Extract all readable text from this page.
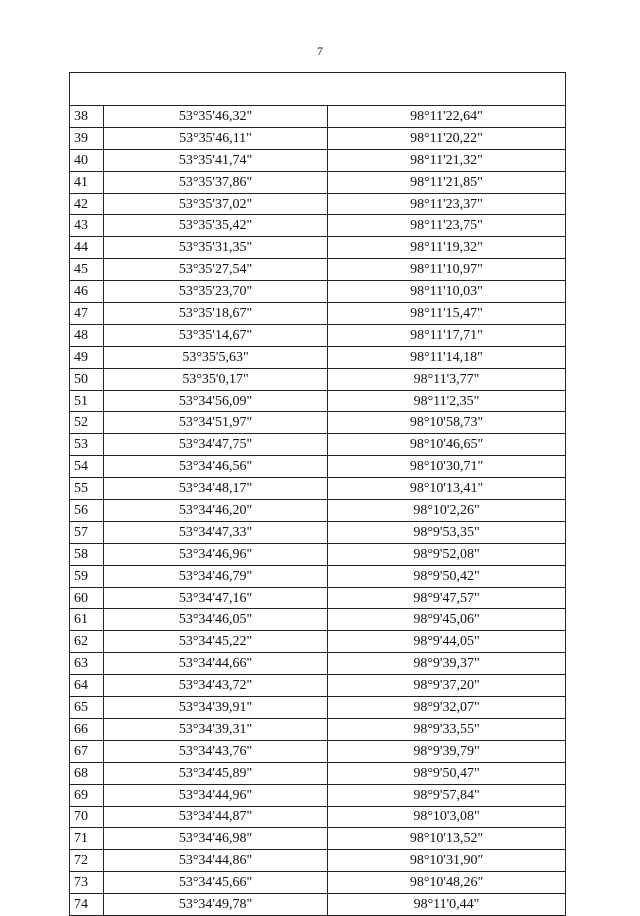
7
38	53°35'46,32"	98°11'22,64"
39	53°35'46,11"	98°11'20,22"
40	53°35'41,74"	98°11'21,32"
41	53°35'37,86"	98°11'21,85"
42	53°35'37,02"	98°11'23,37"
43	53°35'35,42"	98°11'23,75"
44	53°35'31,35"	98°11'19,32"
45	53°35'27,54"	98°11'10,97"
46	53°35'23,70"	98°11'10,03"
47	53°35'18,67"	98°11'15,47"
48	53°35'14,67"	98°11'17,71"
49	53°35'5,63"	98°11'14,18"
50	53°35'0,17"	98°11'3,77"
51	53°34'56,09"	98°11'2,35"
52	53°34'51,97"	98°10'58,73"
53	53°34'47,75"	98°10'46,65"
54	53°34'46,56"	98°10'30,71"
55	53°34'48,17"	98°10'13,41"
56	53°34'46,20"	98°10'2,26"
57	53°34'47,33"	98°9'53,35"
58	53°34'46,96"	98°9'52,08"
59	53°34'46,79"	98°9'50,42"
60	53°34'47,16"	98°9'47,57"
61	53°34'46,05"	98°9'45,06"
62	53°34'45,22"	98°9'44,05"
63	53°34'44,66"	98°9'39,37"
64	53°34'43,72"	98°9'37,20"
65	53°34'39,91"	98°9'32,07"
66	53°34'39,31"	98°9'33,55"
67	53°34'43,76"	98°9'39,79"
68	53°34'45,89"	98°9'50,47"
69	53°34'44,96"	98°9'57,84"
70	53°34'44,87"	98°10'3,08"
71	53°34'46,98"	98°10'13,52"
72	53°34'44,86"	98°10'31,90"
73	53°34'45,66"	98°10'48,26"
74	53°34'49,78"	98°11'0,44"
